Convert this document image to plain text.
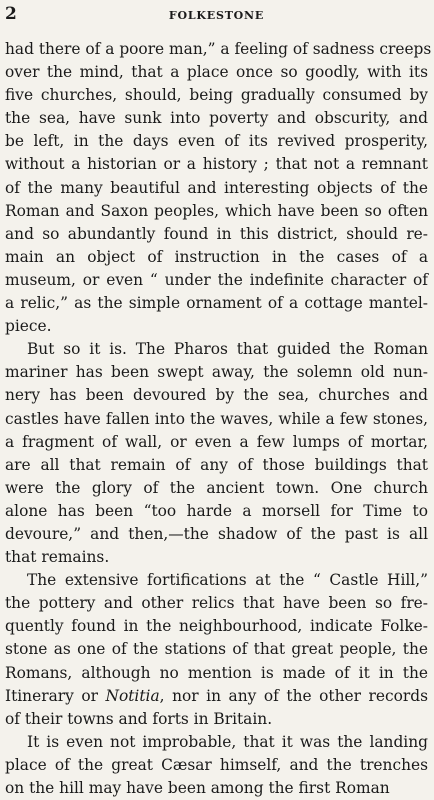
2	FOLKESTONE
had there of a poore man,” a feeling of sadness creeps
over the mind, that a place once so goodly, with its
five churches, should, being gradually consumed by
the sea, have sunk into poverty and obscurity, and
be left, in the days even of its revived prosperity,
without a historian or a history ; that not a remnant
of the many beautiful and interesting objects of the
Roman and Saxon peoples, which have been so often
and so abundantly found in this district, should re-
main an object of instruction in the cases of a
museum, or even “ under the indefinite character of
a relic,” as the simple ornament of a cottage mantel-
piece.
But so it is. The Pharos that guided the Roman
mariner has been swept away, the solemn old nun-
nery has been devoured by the sea, churches and
castles have fallen into the waves, while a few stones,
a fragment of wall, or even a few lumps of mortar,
are all that remain of any of those buildings that
were the glory of the ancient town. One church
alone has been “too harde a morsell for Time to
devoure,” and then,—the shadow of the past is all
that remains.
The extensive fortifications at the “ Castle Hill,”
the pottery and other relics that have been so fre-
quently found in the neighbourhood, indicate Folke-
stone as one of the stations of that great people, the
Romans, although no mention is made of it in the
Itinerary or Notitia, nor in any of the other records
of their towns and forts in Britain.
It is even not improbable, that it was the landing
place of the great Cæsar himself, and the trenches
on the hill may have been among the first Roman
